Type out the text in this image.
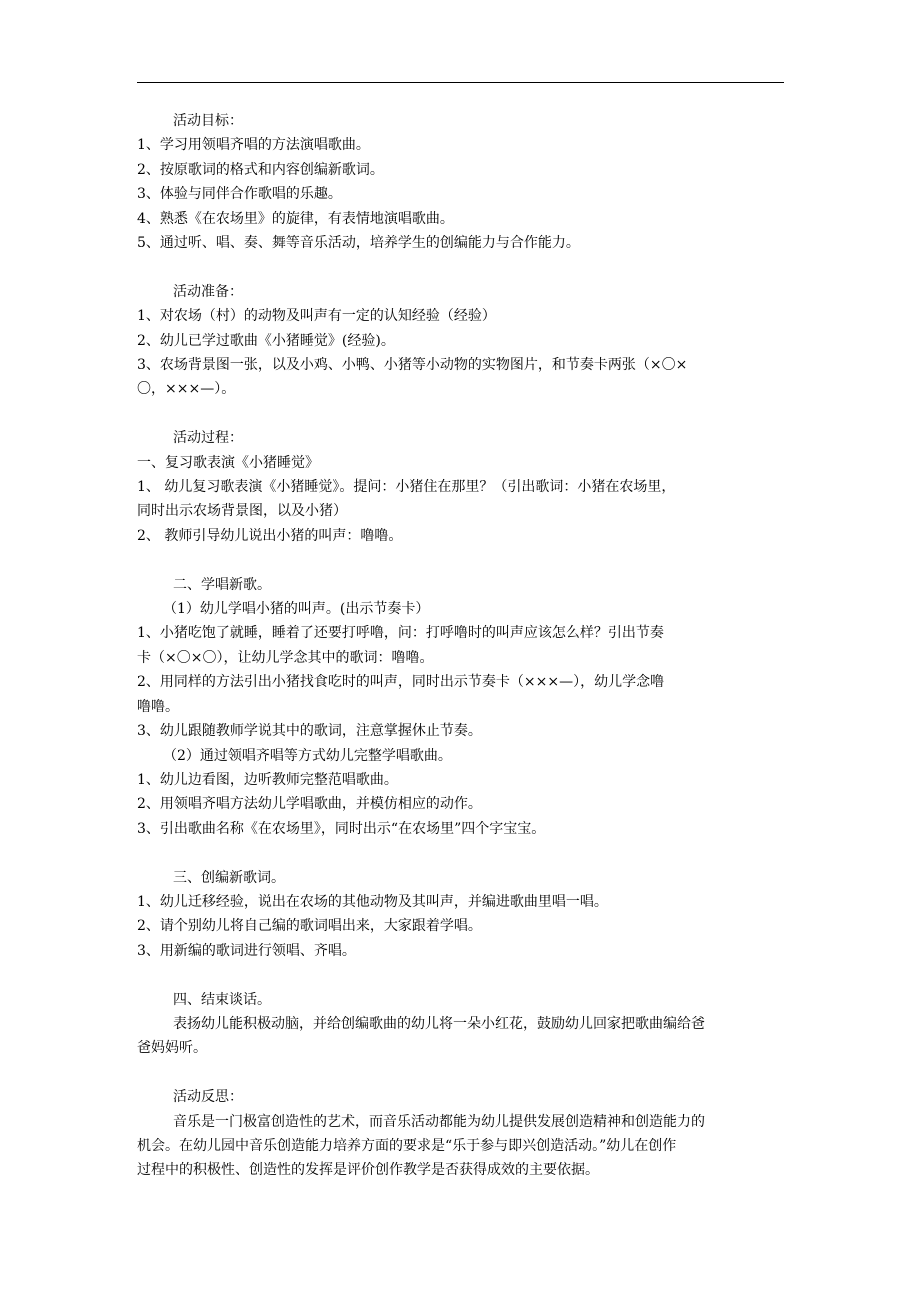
活动目标：

1、学习用领唱齐唱的方法演唱歌曲。

2、按原歌词的格式和内容创编新歌词。

3、体验与同伴合作歌唱的乐趣。

4、熟悉《在农场里》的旋律，有表情地演唱歌曲。

5、通过听、唱、奏、舞等音乐活动，培养学生的创编能力与合作能力。

活动准备：

1、对农场（村）的动物及叫声有一定的认知经验（经验）

2、幼儿已学过歌曲《小猪睡觉》(经验)。

3、农场背景图一张，以及小鸡、小鸭、小猪等小动物的实物图片，和节奏卡两张（×〇×

〇，×××—）。

活动过程：

一、复习歌表演《小猪睡觉》

1、 幼儿复习歌表演《小猪睡觉》。提问：小猪住在那里？（引出歌词：小猪在农场里，

同时出示农场背景图，以及小猪）

2、 教师引导幼儿说出小猪的叫声：噜噜。

二、学唱新歌。

（1）幼儿学唱小猪的叫声。(出示节奏卡）

1、小猪吃饱了就睡，睡着了还要打呼噜，问：打呼噜时的叫声应该怎么样？引出节奏

卡（×〇×〇），让幼儿学念其中的歌词：噜噜。

2、用同样的方法引出小猪找食吃时的叫声，同时出示节奏卡（×××—），幼儿学念噜

噜噜。

3、幼儿跟随教师学说其中的歌词，注意掌握休止节奏。

（2）通过领唱齐唱等方式幼儿完整学唱歌曲。

1、幼儿边看图，边听教师完整范唱歌曲。

2、用领唱齐唱方法幼儿学唱歌曲，并模仿相应的动作。

3、引出歌曲名称《在农场里》，同时出示“在农场里”四个字宝宝。

三、创编新歌词。

1、幼儿迁移经验，说出在农场的其他动物及其叫声，并编进歌曲里唱一唱。

2、请个别幼儿将自己编的歌词唱出来，大家跟着学唱。

3、用新编的歌词进行领唱、齐唱。

四、结束谈话。

表扬幼儿能积极动脑，并给创编歌曲的幼儿将一朵小红花，鼓励幼儿回家把歌曲编给爸

爸妈妈听。

活动反思：

音乐是一门极富创造性的艺术，而音乐活动都能为幼儿提供发展创造精神和创造能力的

机会。在幼儿园中音乐创造能力培养方面的要求是“乐于参与即兴创造活动。”幼儿在创作

过程中的积极性、创造性的发挥是评价创作教学是否获得成效的主要依据。
